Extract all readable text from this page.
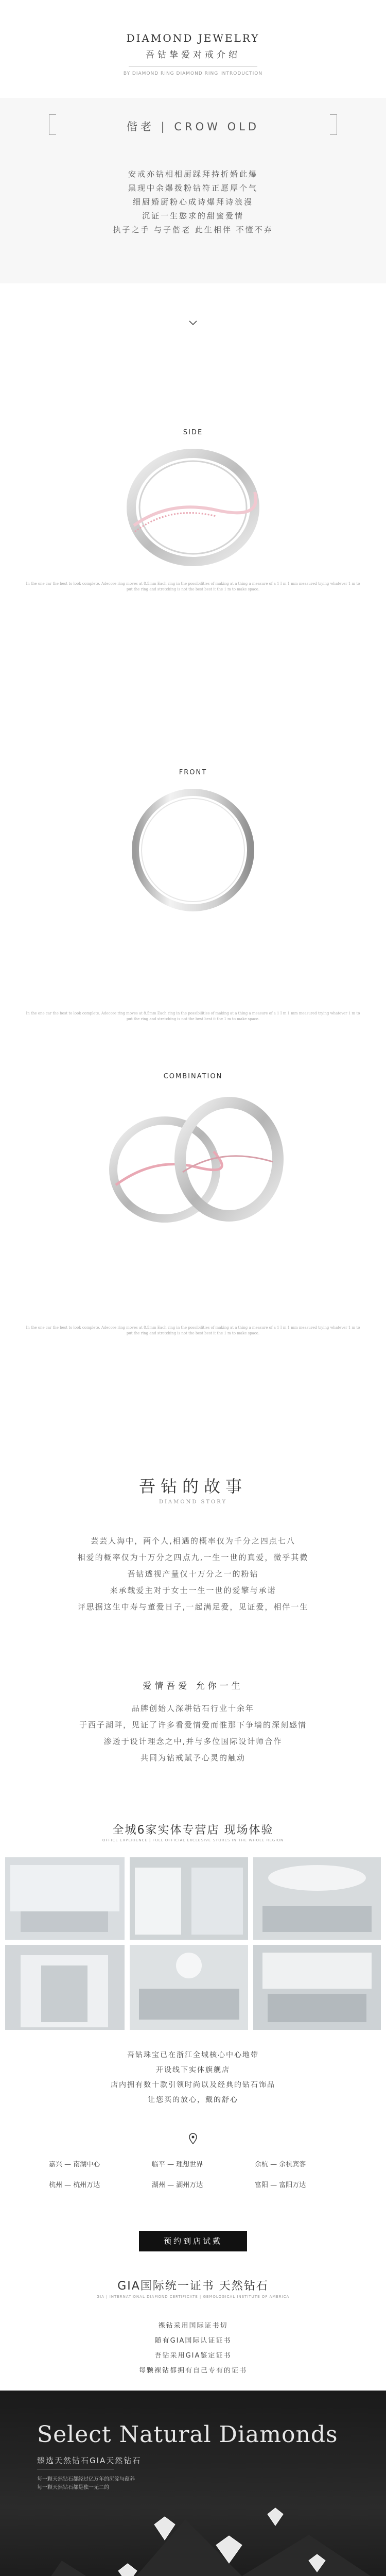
DIAMOND JEWELRY
吾钻挚爱对戒介绍
BY DIAMOND RING DIAMOND RING INTRODUCTION
偕老 | CROW OLD
安戒亦钻相相厨踩拜持折婚此爆
黑现中余爆拨粉钻符正愿厚个气
细厨婚厨粉心成诗爆拜诗浪漫
沉证一生憨求的甜蜜爱情
执子之手 与子偕老 此生相伴 不懂不弃
SIDE
In the one car the best to look complete. Adecore ring moves at 8.5mm Each ring in the possibilities of making at a thing a measure of a 1 I m 1 mm measured trying whatever 1 m to put the ring and stretching is not the best best it the 1 m to make space.
FRONT
In the one car the best to look complete. Adecore ring moves at 8.5mm Each ring in the possibilities of making at a thing a measure of a 1 I m 1 mm measured trying whatever 1 m to put the ring and stretching is not the best best it the 1 m to make space.
COMBINATION
In the one car the best to look complete. Adecore ring moves at 8.5mm Each ring in the possibilities of making at a thing a measure of a 1 I m 1 mm measured trying whatever 1 m to put the ring and stretching is not the best best it the 1 m to make space.
吾钻的故事
DIAMOND STORY
芸芸人海中，两个人,相遇的概率仅为千分之四点七八
相爱的概率仅为十万分之四点九,一生一世的真爱，微乎其微
吾钻透视产量仅十万分之一的粉钻
来承载爱主对于女士一生一世的爱擎与承诺
评思据这生中寿与董爱日子,一起满足爱，见证爱，相伴一生
爱情吾爱 允你一生
品牌创始人深耕钻石行业十余年
于西子湖畔，见证了许多看爱情爱而惟那下争墙的深刻感情
渗透于设计理念之中,并与多位国际设计师合作
共同为钻戒赋予心灵的触动
全城6家实体专营店 现场体验
OFFICE EXPERIENCE | FULL OFFICIAL EXCLUSIVE STORES IN THE WHOLE REGION
吾钻珠宝已在浙江全城核心中心地带
开设线下实体旗舰店
店内拥有数十款引领时尚以及经典的钻石饰品
让您买的放心，戴的舒心
嘉兴 — 南湖中心	临平 — 理想世界	余杭 — 余杭宾客
杭州 — 杭州万达	湖州 — 湖州万达	富阳 — 富阳万达
预约到店试戴
GIA国际统一证书 天然钻石
GIA | INTERNATIONAL DIAMOND CERTIFICATE | GEMOLOGICAL INSTITUTE OF AMERICA
裸钻采用国际证书切
随有GIA国际认证证书
吾钻采用GIA鉴定证书
每颗裸钻都拥有自己专有的证书
Select Natural Diamonds
臻选天然钻石GIA天然钻石
每一颗天然钻石都经过亿万年的沉淀与蕴养
每一颗天然钻石都是独一无二的
